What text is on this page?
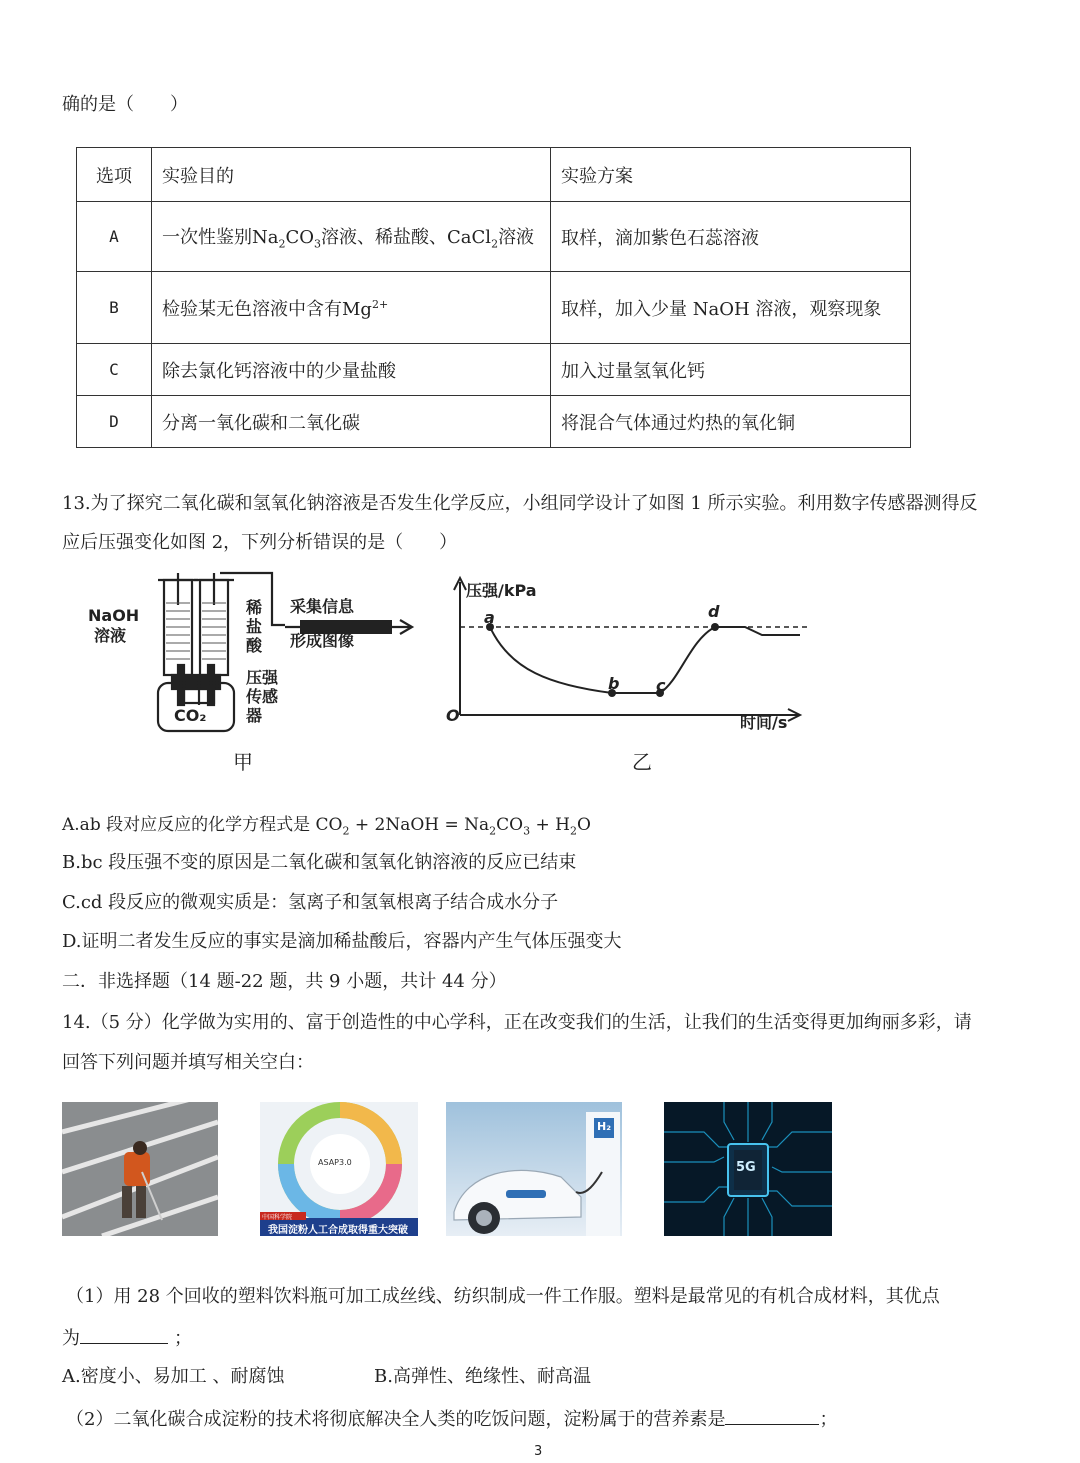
确的是（　　）
选项	实验目的	实验方案
A	一次性鉴别$Na_2CO_3$溶液、稀盐酸、CaCl$_2$溶液	取样，滴加紫色石蕊溶液
B	检验某无色溶液中含有$Mg^{2+}$	取样，加入少量 NaOH 溶液，观察现象
C	除去氯化钙溶液中的少量盐酸	加入过量氢氧化钙
D	分离一氧化碳和二氧化碳	将混合气体通过灼热的氧化铜
13.为了探究二氧化碳和氢氧化钠溶液是否发生化学反应，小组同学设计了如图 1 所示实验。利用数字传感器测得反
应后压强变化如图 2，下列分析错误的是（　　）
NaOH
溶液
稀
盐
酸
采集信息
形成图像
压强
传感
器
CO₂
甲
压强/kPa
时间/s
O
a
b c
d
乙
A.ab 段对应反应的化学方程式是 $CO_2$ + 2NaOH = $Na_2CO_3 + H_2O$
B.bc 段压强不变的原因是二氧化碳和氢氧化钠溶液的反应已结束
C.cd 段反应的微观实质是：氢离子和氢氧根离子结合成水分子
D.证明二者发生反应的事实是滴加稀盐酸后，容器内产生气体压强变大
二．非选择题（14 题-22 题，共 9 小题，共计 44 分）
14.（5 分）化学做为实用的、富于创造性的中心学科，正在改变我们的生活，让我们的生活变得更加绚丽多彩，请
回答下列问题并填写相关空白：
ASAP3.0
中国科学院
我国淀粉人工合成取得重大突破
H₂
5G
（1）用 28 个回收的塑料饮料瓶可加工成丝线、纺织制成一件工作服。塑料是最常见的有机合成材料，其优点
为	；
A.密度小、易加工 、耐腐蚀	B.高弹性、绝缘性、耐高温
（2）二氧化碳合成淀粉的技术将彻底解决全人类的吃饭问题，淀粉属于的营养素是	；
3
